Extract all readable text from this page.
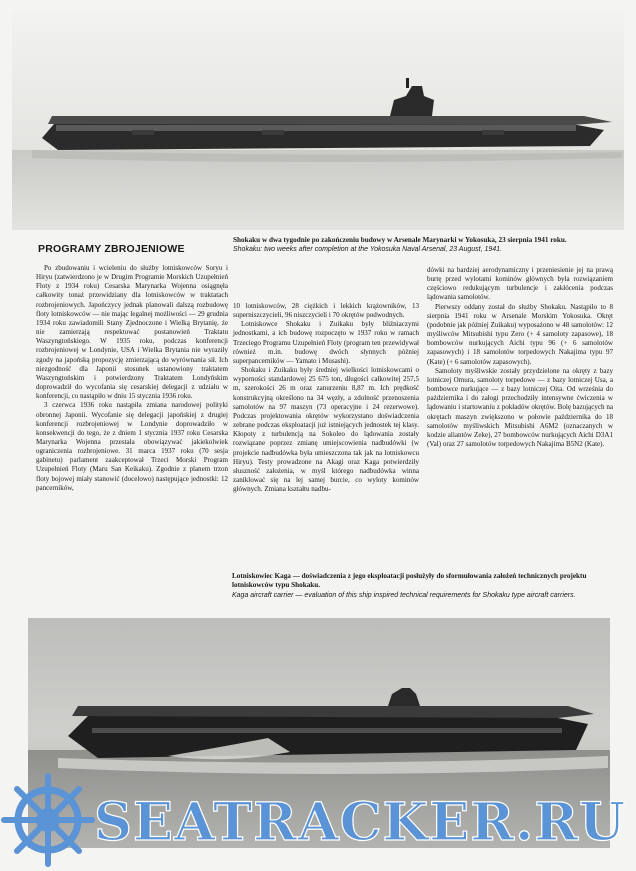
Shokaku w dwa tygodnie po zakończeniu budowy w Arsenale Marynarki w Yokosuka, 23 sierpnia 1941 roku.
Shokaku: two weeks after completion at the Yokosuka Naval Arsenal, 23 August, 1941.
PROGRAMY ZBROJENIOWE

Po zbudowaniu i wcieleniu do służby lotniskowców Soryu i Hiryu (zatwierdzono je w Drugim Programie Morskich Uzupełnień Floty z 1934 roku) Cesarska Marynarka Wojenna osiągnęła całkowity tonaż przewidziany dla lotniskowców w traktatach rozbrojeniowych. Japończycy jednak planowali dalszą rozbudowę floty lotniskowców — nie mając legalnej możliwości — 29 grudnia 1934 roku zawiadomili Stany Zjednoczone i Wielką Brytanię, że nie zamierzają respektować postanowień Traktatu Waszyngtońskiego. W 1935 roku, podczas konferencji rozbrojeniowej w Londynie, USA i Wielka Brytania nie wyraziły zgody na japońską propozycję zmierzającą do wyrównania sił. Ich niezgodność dla Japonii stosunek ustanowiony traktatem Waszyngtońskim i potwierdzony Traktatem Londyńskim doprowadził do wycofania się cesarskiej delegacji z udziału w konferencji, co nastąpiło w dniu 15 stycznia 1936 roku.

3 czerwca 1936 roku nastąpiła zmiana narodowej polityki obronnej Japonii. Wycofanie się delegacji japońskiej z drugiej konferencji rozbrojeniowej w Londynie doprowadziło w konsekwencji do tego, że z dniem 1 stycznia 1937 roku Cesarska Marynarka Wojenna przestała obowiązywać jakiekolwiek ograniczenia rozbrojeniowe. 31 marca 1937 roku (70 sesja gabinetu) parlament zaakceptował Trzeci Morski Program Uzupełnień Floty (Maru San Keikaku). Zgodnie z planem trzon floty bojowej miały stanowić (docelowo) następujące jednostki: 12 pancerników,

10 lotniskowców, 28 ciężkich i lekkich krążowników, 13 superniszczycieli, 96 niszczycieli i 70 okrętów podwodnych.

Lotniskowce Shokaku i Zuikaku były bliźniaczymi jednostkami, a ich budowę rozpoczęto w 1937 roku w ramach Trzeciego Programu Uzupełnień Floty (program ten przewidywał również m.in. budowę dwóch słynnych później superpancerników — Yamato i Musashi).

Shokaku i Zuikaku były średniej wielkości lotniskowcami o wyporności standardowej 25 675 ton, długości całkowitej 257,5 m, szerokości 26 m oraz zanurzeniu 8,87 m. Ich prędkość konstrukcyjną określono na 34 węzły, a zdolność przenoszenia samolotów na 97 maszyn (73 operacyjne i 24 rezerwowe). Podczas projektowania okrętów wykorzystano doświadczenia zebrane podczas eksploatacji już istniejących jednostek tej klasy. Kłopoty z turbulencją na Sokoleo do lądowania zostały rozwiązane poprzez zmianę umiejscowienia nadbudówki (w projekcie nadbudówka była umieszczona tak jak na lotniskowcu Hiryu). Testy prowadzone na Akagi oraz Kaga potwierdziły słuszność założenia, w myśl którego nadbudówka winna zaniklować się na lej samej burcie, co wyloty kominów głównych. Zmiana kształtu nadbu-

dówki na bardziej aerodynamiczny i przeniesienie jej na prawą burtę przed wylotami kominów głównych była rozwiązaniem częściowo redukującym turbulencje i zakłócenia podczas lądowania samolotów.

Pierwszy oddany został do służby Shokaku. Nastąpiło to 8 sierpnia 1941 roku w Arsenale Morskim Yokosuka. Okręt (podobnie jak później Zuikaku) wyposażono w 48 samolotów: 12 myśliwców Mitsubishi typu Zero (+ 4 samoloty zapasowe), 18 bombowców nurkujących Aichi typu 96 (+ 6 samolotów zapasowych) i 18 samolotów torpedowych Nakajima typu 97 (Kate) (+ 6 samolotów zapasowych).

Samoloty myśliwskie zostały przydzielone na okręty z bazy lotniczej Omura, samoloty torpedowe — z bazy lotniczej Usa, a bombowce nurkujące — z bazy lotniczej Oita. Od września do października i do załogi przechodziły intensywne ćwiczenia w lądowaniu i startowaniu z pokładów okrętów. Bolę bazujących na okrętach maszyn zwiększono w połowie października do 18 samolotów myśliwskich Mitsubishi A6M2 (oznaczanych w kodzie aliantów Zeke), 27 bombowców nurkujących Aichi D3A1 (Val) oraz 27 samolotów torpedowych Nakajima B5N2 (Kate).

Lotniskowiec Kaga — doświadczenia z jego eksploatacji posłużyły do sformułowania założeń technicznych projektu lotniskowców typu Shokaku.
Kaga aircraft carrier — evaluation of this ship inspired technical requirements for Shokaku type aircraft carriers.
SEATRACKER.RU
